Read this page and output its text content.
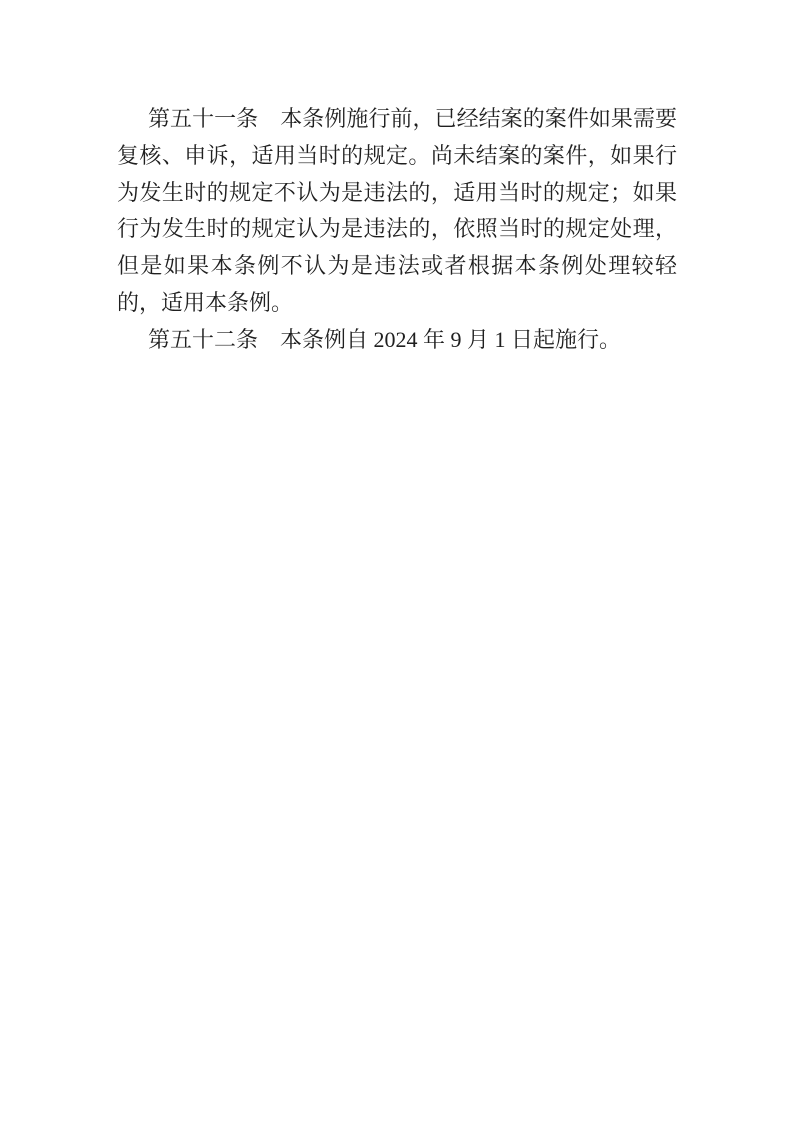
第五十一条　本条例施行前，已经结案的案件如果需要
复核、申诉，适用当时的规定。尚未结案的案件，如果行
为发生时的规定不认为是违法的，适用当时的规定；如果
行为发生时的规定认为是违法的，依照当时的规定处理，
但是如果本条例不认为是违法或者根据本条例处理较轻
的，适用本条例。
第五十二条　本条例自 2024 年 9 月 1 日起施行。
